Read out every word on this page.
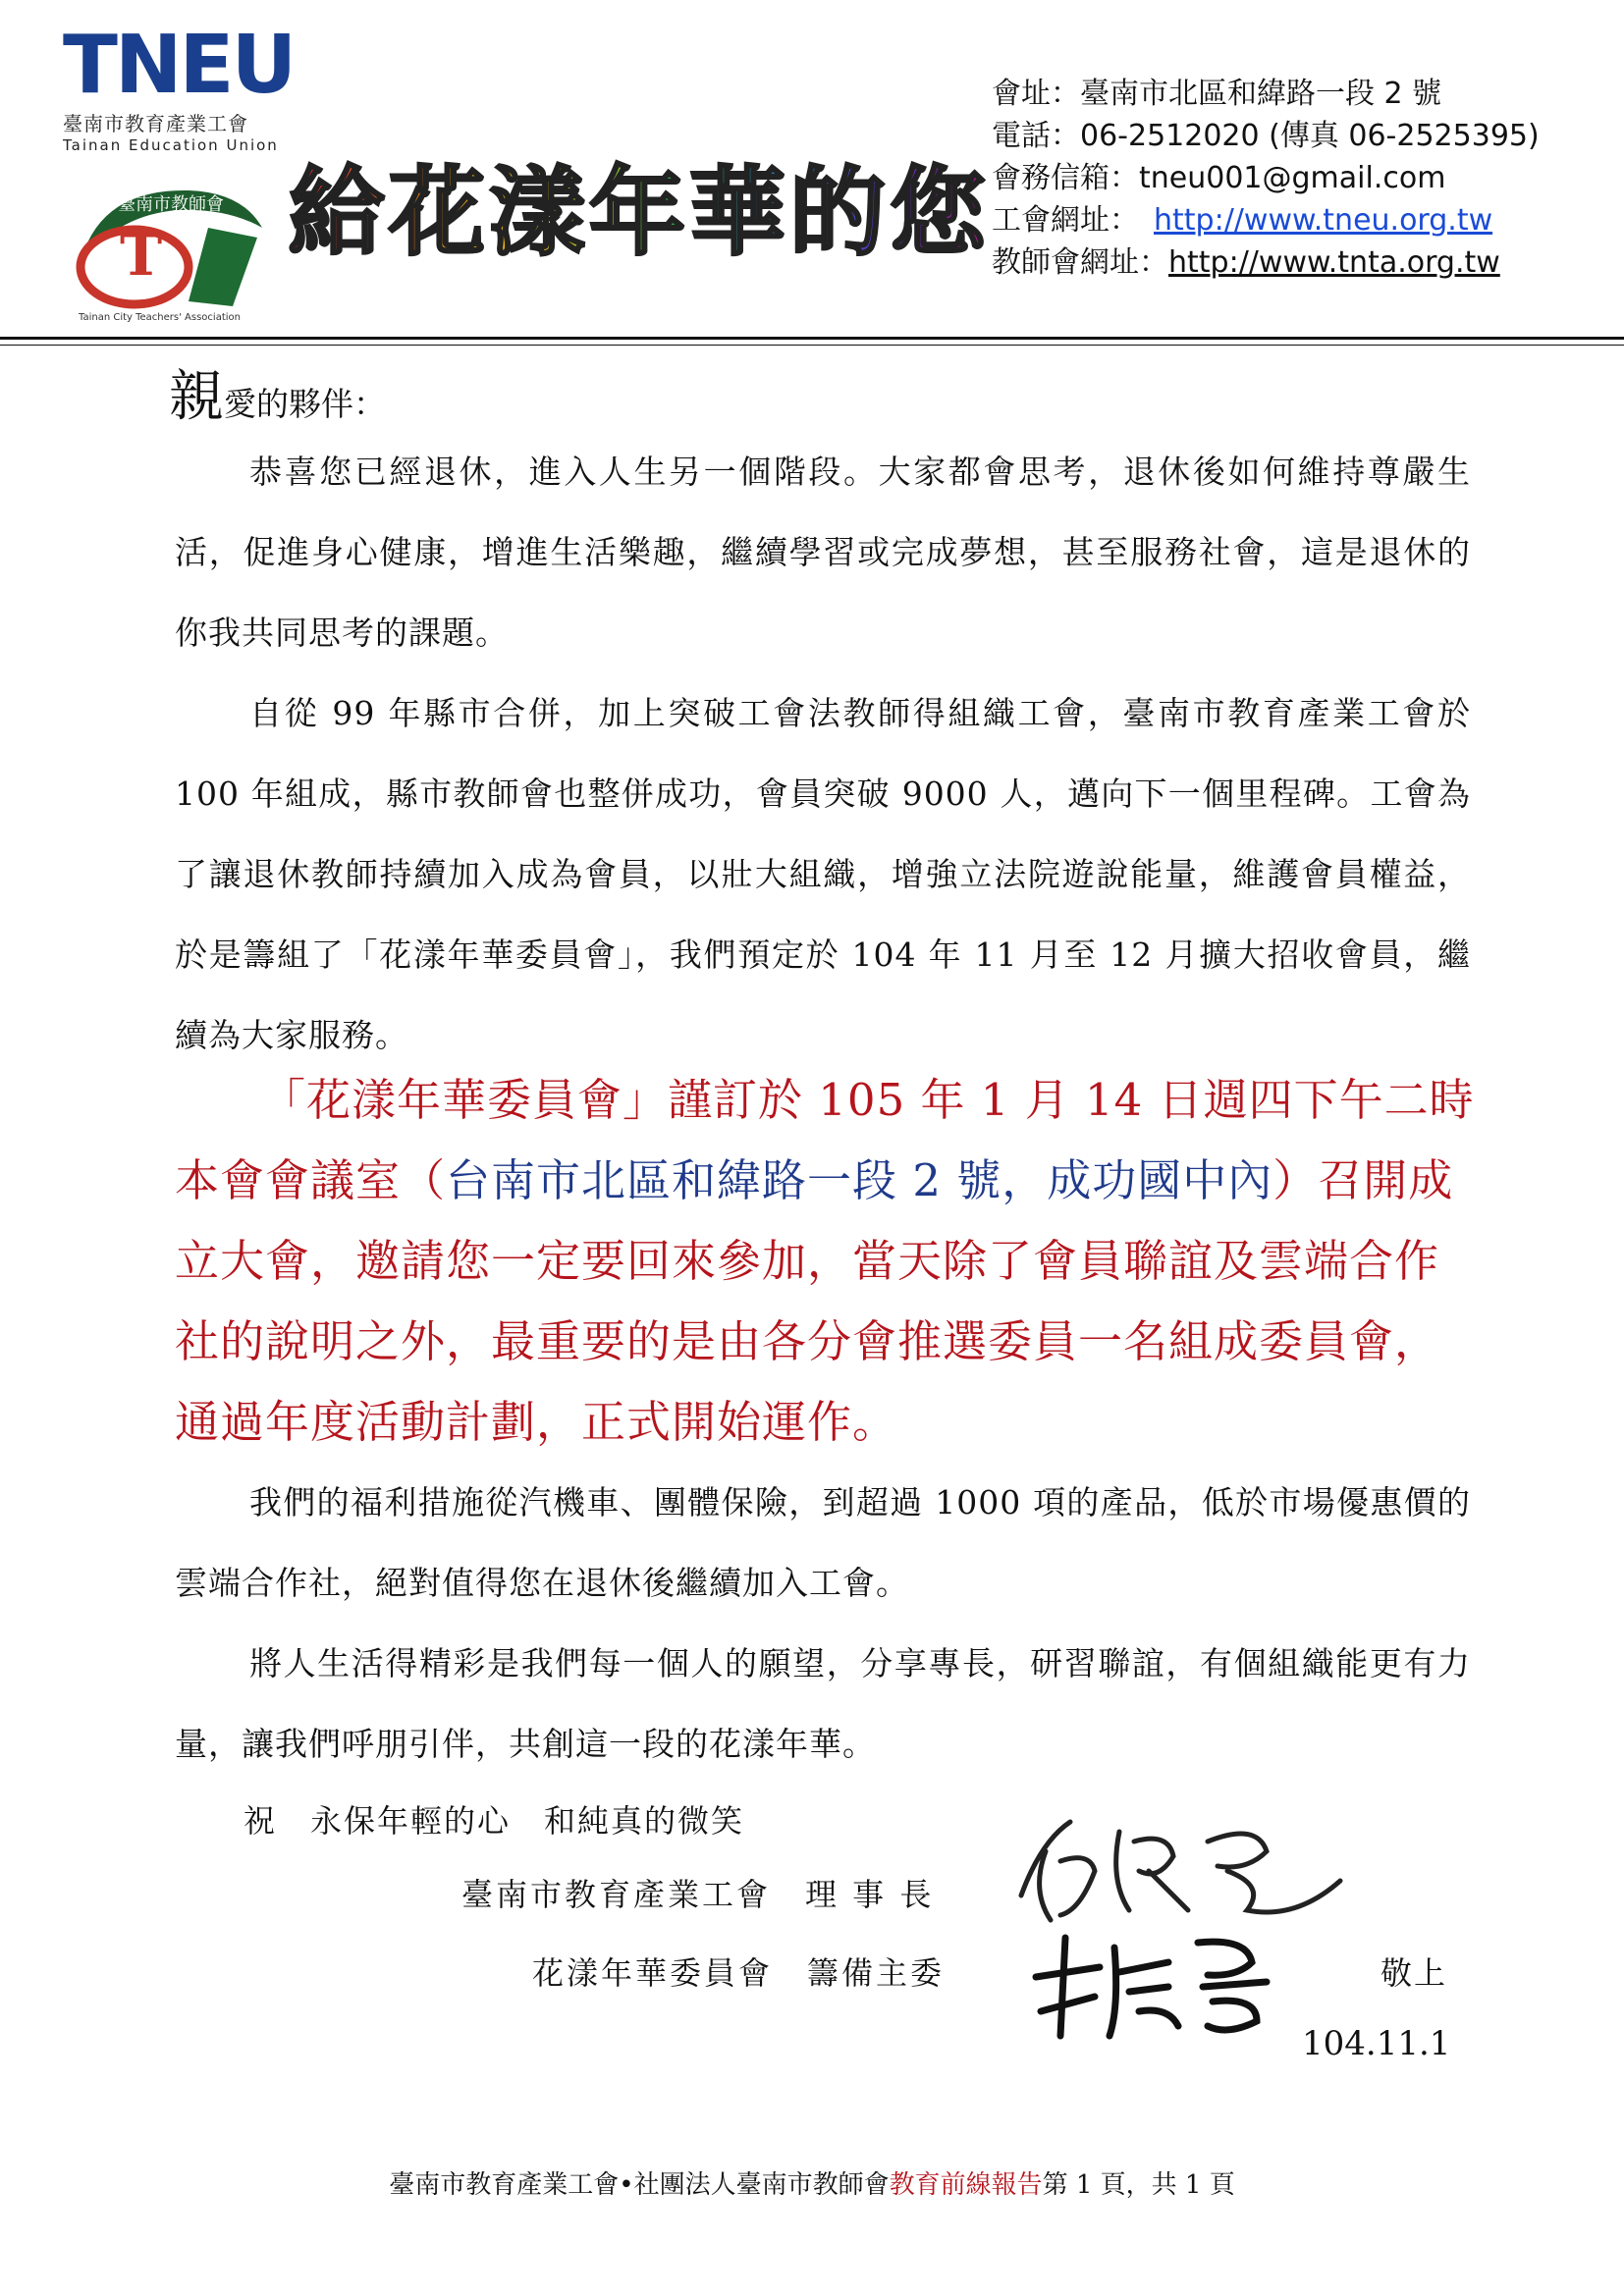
TNEU
臺南市教育產業工會
Tainan Education Union
T
臺南市教師會
Tainan City Teachers' Association
給花漾年華的您
會址：臺南市北區和緯路一段 2 號
電話：06-2512020 (傳真 06-2525395)
會務信箱：tneu001@gmail.com
工會網址：　 http://www.tneu.org.tw
教師會網址：http://www.tnta.org.tw
親愛的夥伴：
恭喜您已經退休，進入人生另一個階段。大家都會思考，退休後如何維持尊嚴生活，促進身心健康，增進生活樂趣，繼續學習或完成夢想，甚至服務社會，這是退休的你我共同思考的課題。
自從 99 年縣市合併，加上突破工會法教師得組織工會，臺南市教育產業工會於 100 年組成，縣市教師會也整併成功，會員突破 9000 人，邁向下一個里程碑。工會為了讓退休教師持續加入成為會員，以壯大組織，增強立法院遊說能量，維護會員權益，於是籌組了「花漾年華委員會」，我們預定於 104 年 11 月至 12 月擴大招收會員，繼續為大家服務。
「花漾年華委員會」謹訂於 105 年 1 月 14 日週四下午二時本會會議室（台南市北區和緯路一段 2 號，成功國中內）召開成立大會，邀請您一定要回來參加，當天除了會員聯誼及雲端合作社的說明之外，最重要的是由各分會推選委員一名組成委員會，通過年度活動計劃，正式開始運作。
我們的福利措施從汽機車、團體保險，到超過 1000 項的產品，低於市場優惠價的雲端合作社，絕對值得您在退休後繼續加入工會。
將人生活得精彩是我們每一個人的願望，分享專長，研習聯誼，有個組織能更有力量，讓我們呼朋引伴，共創這一段的花漾年華。
祝　永保年輕的心　和純真的微笑
臺南市教育產業工會　理 事 長
花漾年華委員會　籌備主委	敬上
104.11.1
臺南市教育產業工會•社團法人臺南市教師會教育前線報告第 1 頁，共 1 頁
